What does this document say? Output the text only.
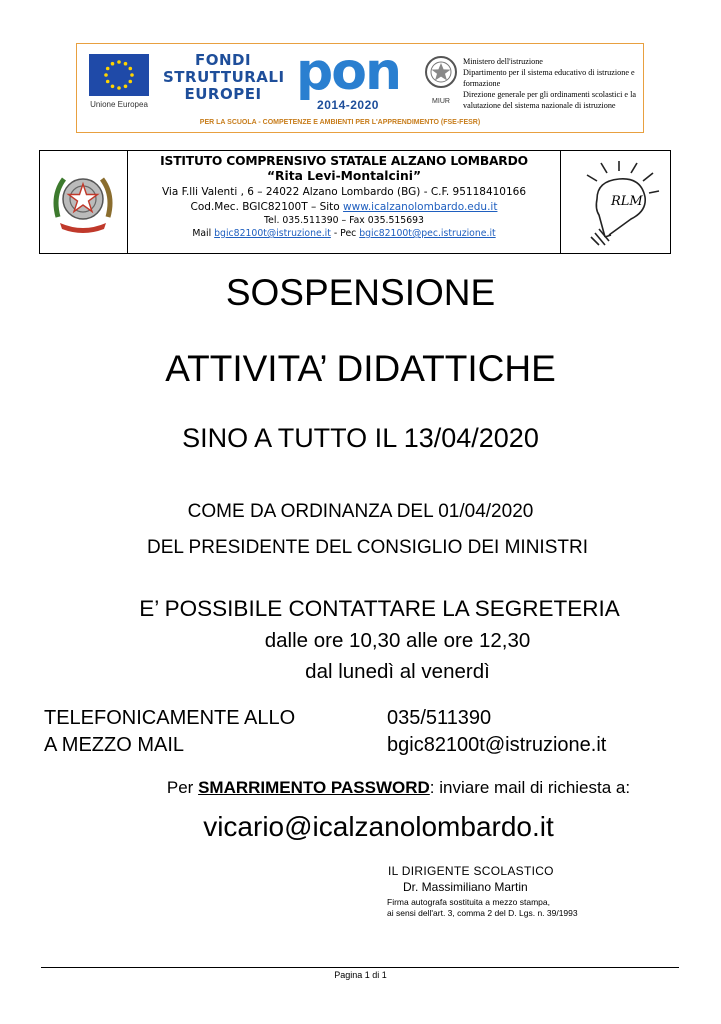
Unione Europea
FONDI
STRUTTURALI
EUROPEI pon
2014-2020
PER LA SCUOLA - COMPETENZE E AMBIENTI PER L'APPRENDIMENTO (FSE-FESR)
MIUR
Ministero dell'istruzione
Dipartimento per il sistema educativo di istruzione e formazione
Direzione generale per gli ordinamenti scolastici e la valutazione del sistema nazionale di istruzione
ISTITUTO COMPRENSIVO STATALE ALZANO LOMBARDO
“Rita Levi-Montalcini”
Via F.lli Valenti , 6 – 24022 Alzano Lombardo (BG) - C.F. 95118410166
Cod.Mec. BGIC82100T – Sito www.icalzanolombardo.edu.it
Tel. 035.511390 – Fax 035.515693
Mail bgic82100t@istruzione.it - Pec bgic82100t@pec.istruzione.it
RLM
SOSPENSIONE
ATTIVITA’ DIDATTICHE
SINO A TUTTO IL 13/04/2020
COME DA ORDINANZA DEL 01/04/2020
DEL PRESIDENTE DEL CONSIGLIO DEI MINISTRI
E’ POSSIBILE CONTATTARE LA SEGRETERIA
dalle ore 10,30 alle ore 12,30
dal lunedì al venerdì
TELEFONICAMENTE ALLO	035/511390
A MEZZO MAIL	bgic82100t@istruzione.it
Per SMARRIMENTO PASSWORD: inviare mail di richiesta a:
vicario@icalzanolombardo.it
IL DIRIGENTE SCOLASTICO
Dr. Massimiliano Martin
Firma autografa sostituita a mezzo stampa,
ai sensi dell'art. 3, comma 2 del D. Lgs. n. 39/1993
Pagina 1 di 1
